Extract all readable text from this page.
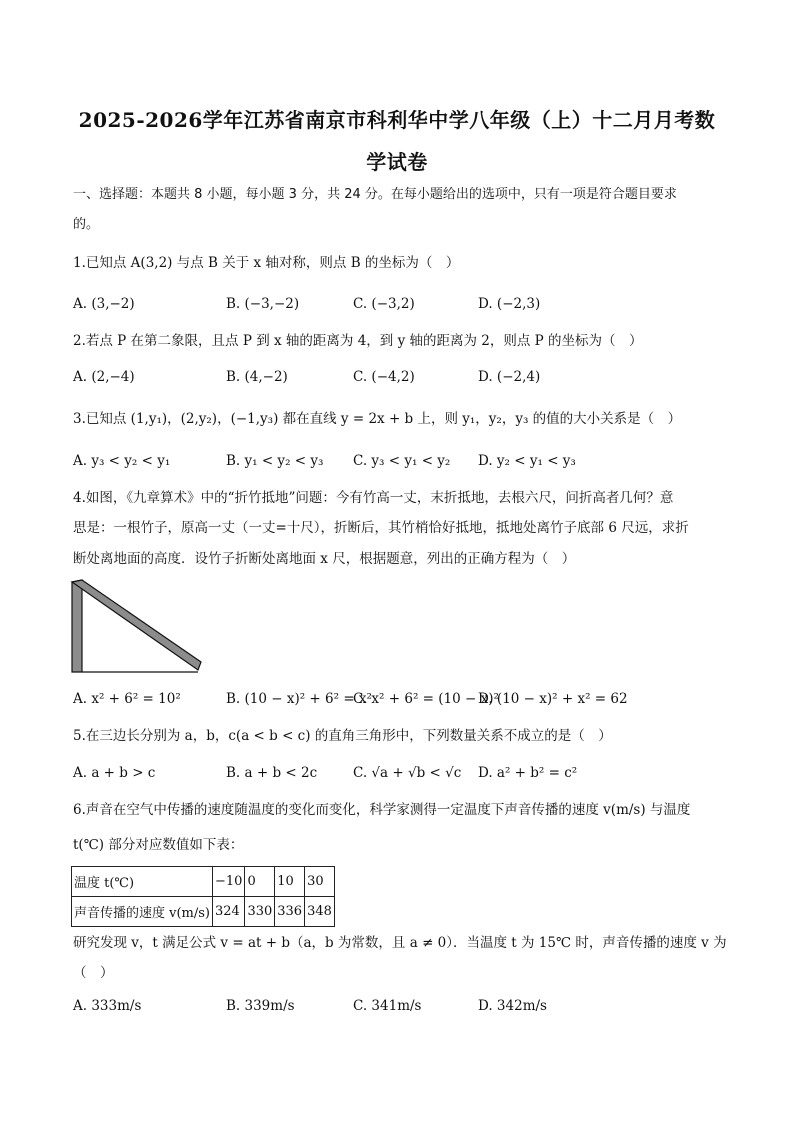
2025-2026学年江苏省南京市科利华中学八年级（上）十二月月考数
学试卷
一、选择题：本题共 8 小题，每小题 3 分，共 24 分。在每小题给出的选项中，只有一项是符合题目要求
的。
1.已知点 A(3,2) 与点 B 关于 x 轴对称，则点 B 的坐标为（　）
A. (3,−2)	B. (−3,−2)	C. (−3,2)	D. (−2,3)
2.若点 P 在第二象限，且点 P 到 x 轴的距离为 4，到 y 轴的距离为 2，则点 P 的坐标为（　）
A. (2,−4)	B. (4,−2)	C. (−4,2)	D. (−2,4)
3.已知点 (1,y₁)，(2,y₂)，(−1,y₃) 都在直线 y = 2x + b 上，则 y₁，y₂，y₃ 的值的大小关系是（　）
A. y₃ < y₂ < y₁	B. y₁ < y₂ < y₃ C. y₃ < y₁ < y₂ D. y₂ < y₁ < y₃
4.如图，《九章算术》中的“折竹抵地”问题：今有竹高一丈，末折抵地，去根六尺，问折高者几何？意
思是：一根竹子，原高一丈（一丈=十尺），折断后，其竹梢恰好抵地，抵地处离竹子底部 6 尺远，求折
断处离地面的高度．设竹子折断处离地面 x 尺，根据题意，列出的正确方程为（　）
A. x² + 6² = 10²	B. (10 − x)² + 6² = x²
C. x² + 6² = (10 − x)²
D. (10 − x)² + x² = 62
5.在三边长分别为 a，b，c(a < b < c) 的直角三角形中，下列数量关系不成立的是（　）
A. a + b > c	B. a + b < 2c	C. √a + √b < √c D. a² + b² = c²
6.声音在空气中传播的速度随温度的变化而变化，科学家测得一定温度下声音传播的速度 v(m/s) 与温度
t(℃) 部分对应数值如下表：
温度 t(℃)	−10	0	10	30
声音传播的速度 v(m/s)	324	330	336	348
研究发现 v，t 满足公式 v = at + b（a，b 为常数，且 a ≠ 0）．当温度 t 为 15℃ 时，声音传播的速度 v 为
（　）
A. 333m/s	B. 339m/s	C. 341m/s	D. 342m/s
